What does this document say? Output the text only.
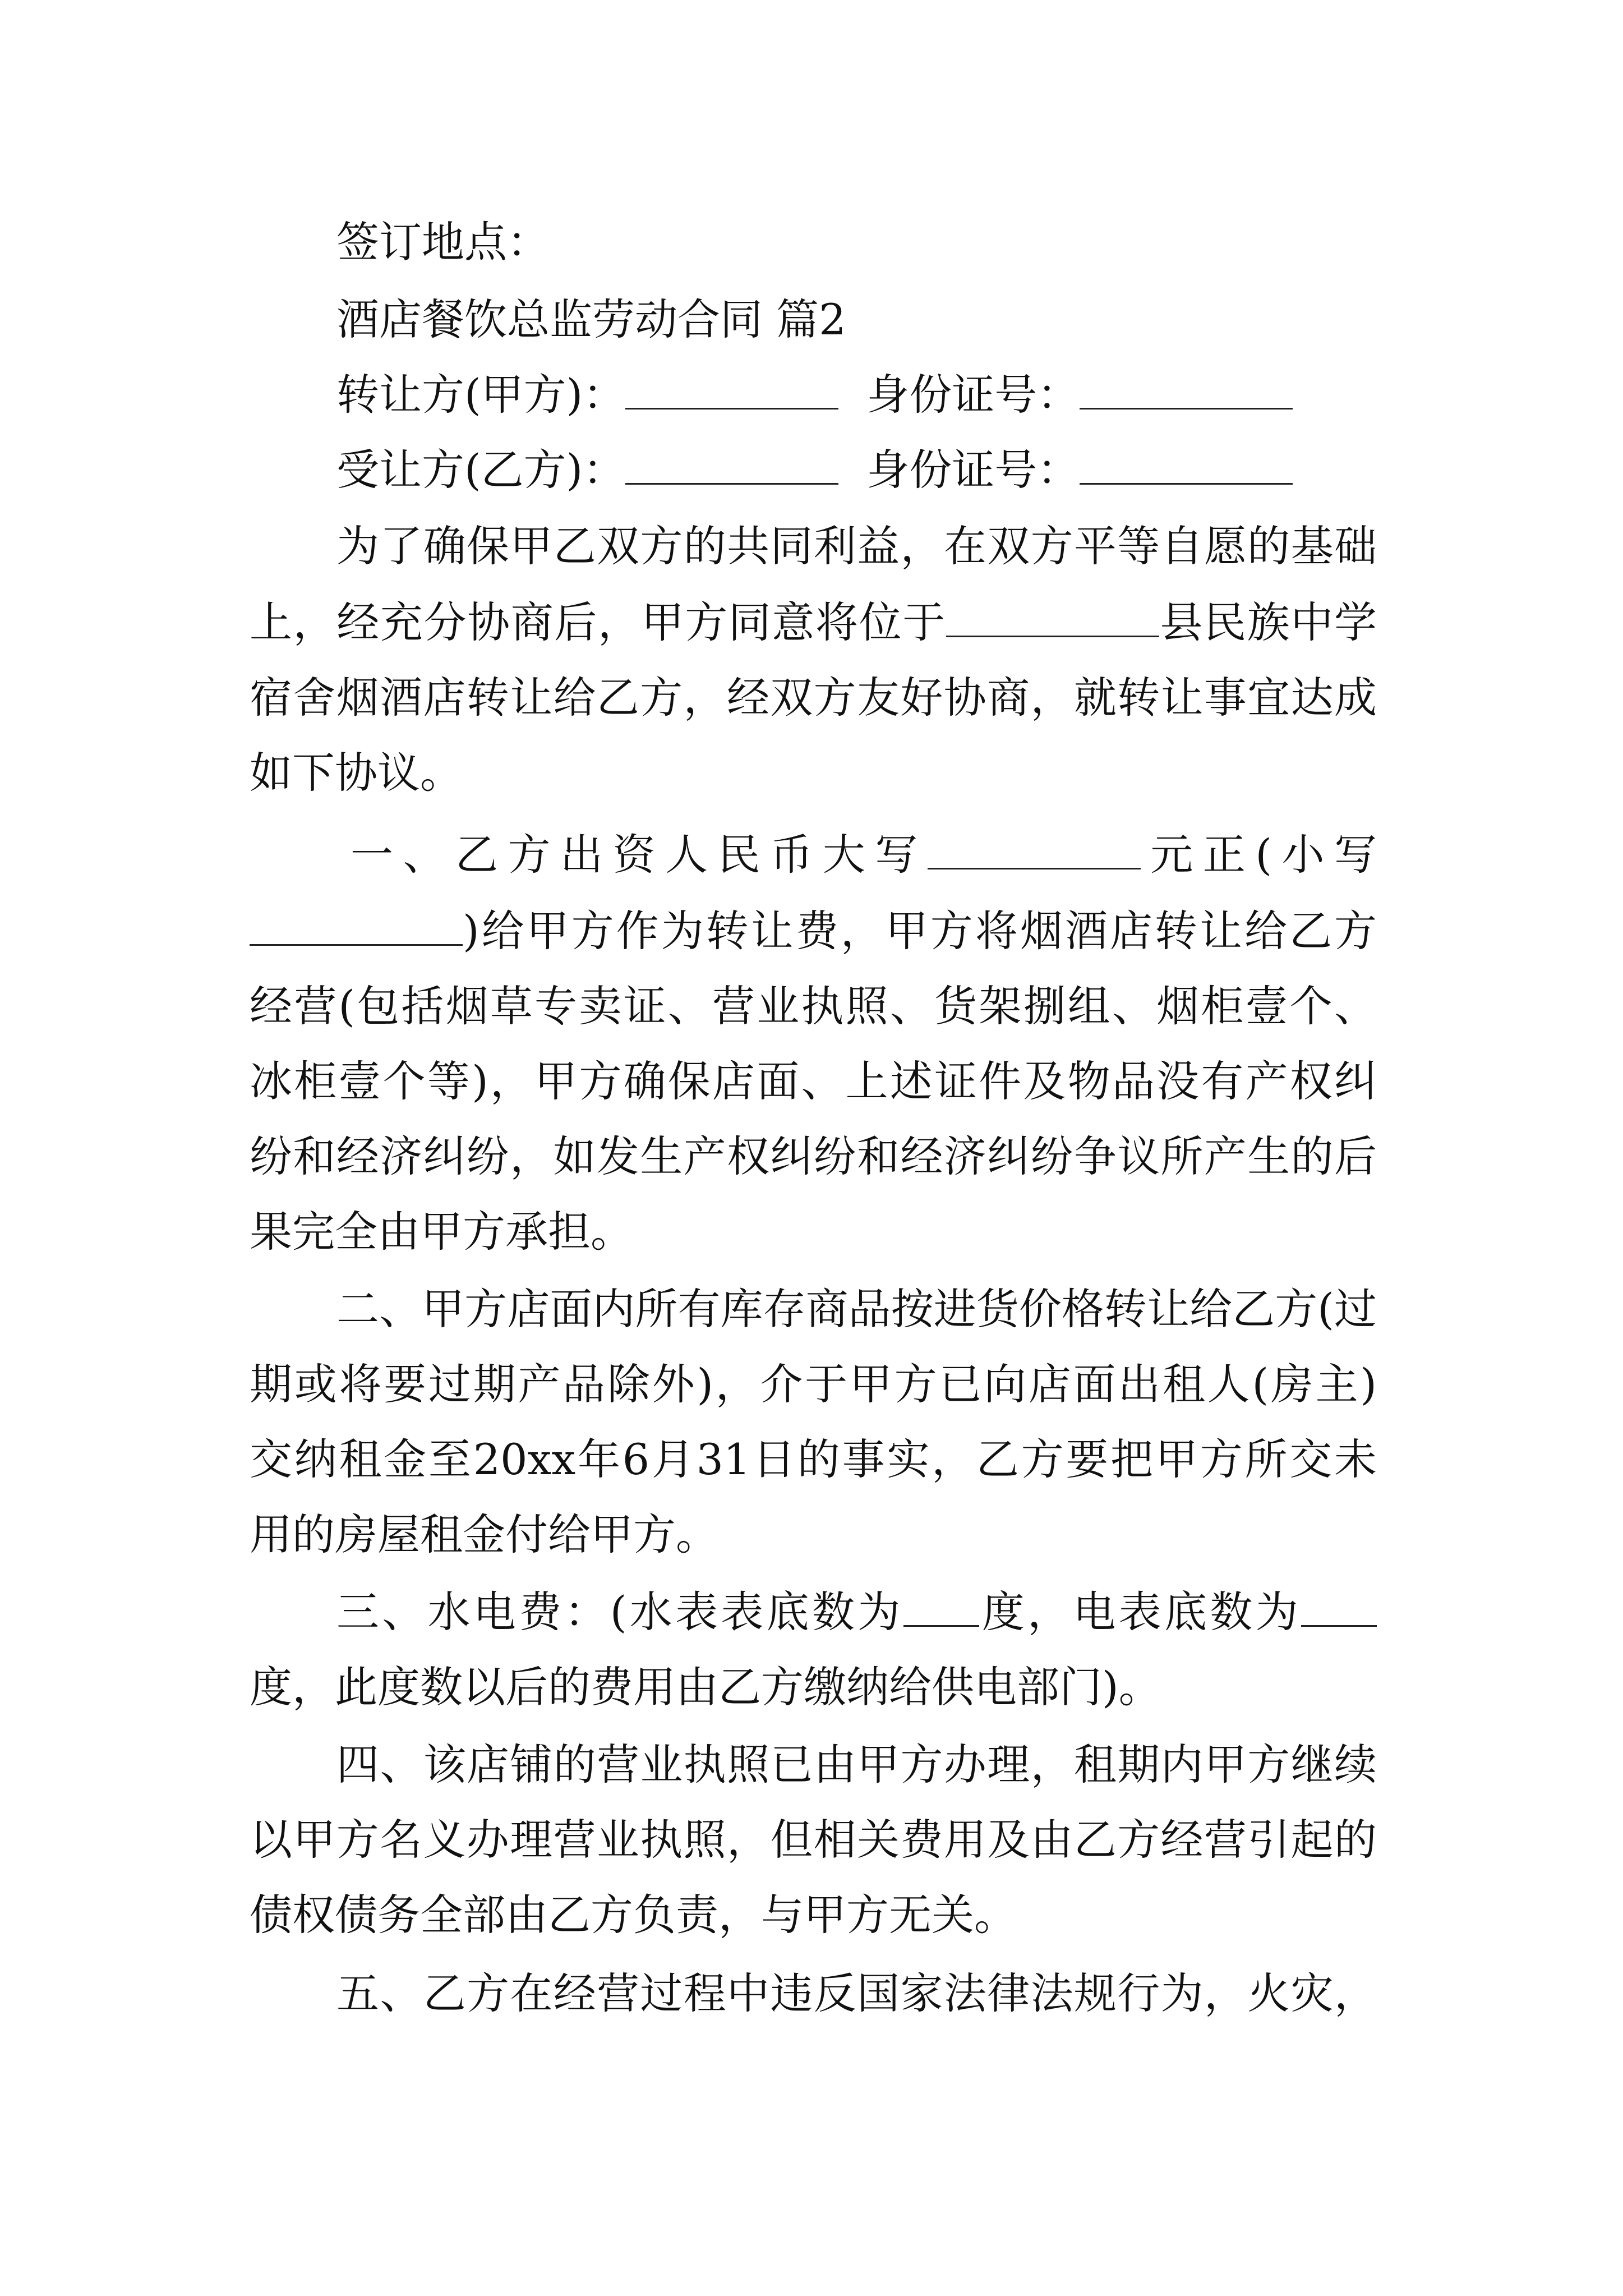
签订地点：
酒店餐饮总监劳动合同 篇2
转让方(甲方)：	身份证号：
受让方(乙方)：	身份证号：
为了确保甲乙双方的共同利益，在双方平等自愿的基础
上，经充分协商后，甲方同意将位于	县民族中学
宿舍烟酒店转让给乙方，经双方友好协商，就转让事宜达成
如下协议。
一、乙方出资人民币大写	元正(小写
)给甲方作为转让费，甲方将烟酒店转让给乙方
经营(包括烟草专卖证、营业执照、货架捌组、烟柜壹个、
冰柜壹个等)，甲方确保店面、上述证件及物品没有产权纠
纷和经济纠纷，如发生产权纠纷和经济纠纷争议所产生的后
果完全由甲方承担。
二、甲方店面内所有库存商品按进货价格转让给乙方(过
期或将要过期产品除外)，介于甲方已向店面出租人(房主)
交纳租金至20xx年6月31日的事实，乙方要把甲方所交未
用的房屋租金付给甲方。
三、水电费：(水表表底数为 度，电表底数为
度，此度数以后的费用由乙方缴纳给供电部门)。
四、该店铺的营业执照已由甲方办理，租期内甲方继续
以甲方名义办理营业执照，但相关费用及由乙方经营引起的
债权债务全部由乙方负责，与甲方无关。
五、乙方在经营过程中违反国家法律法规行为，火灾，
